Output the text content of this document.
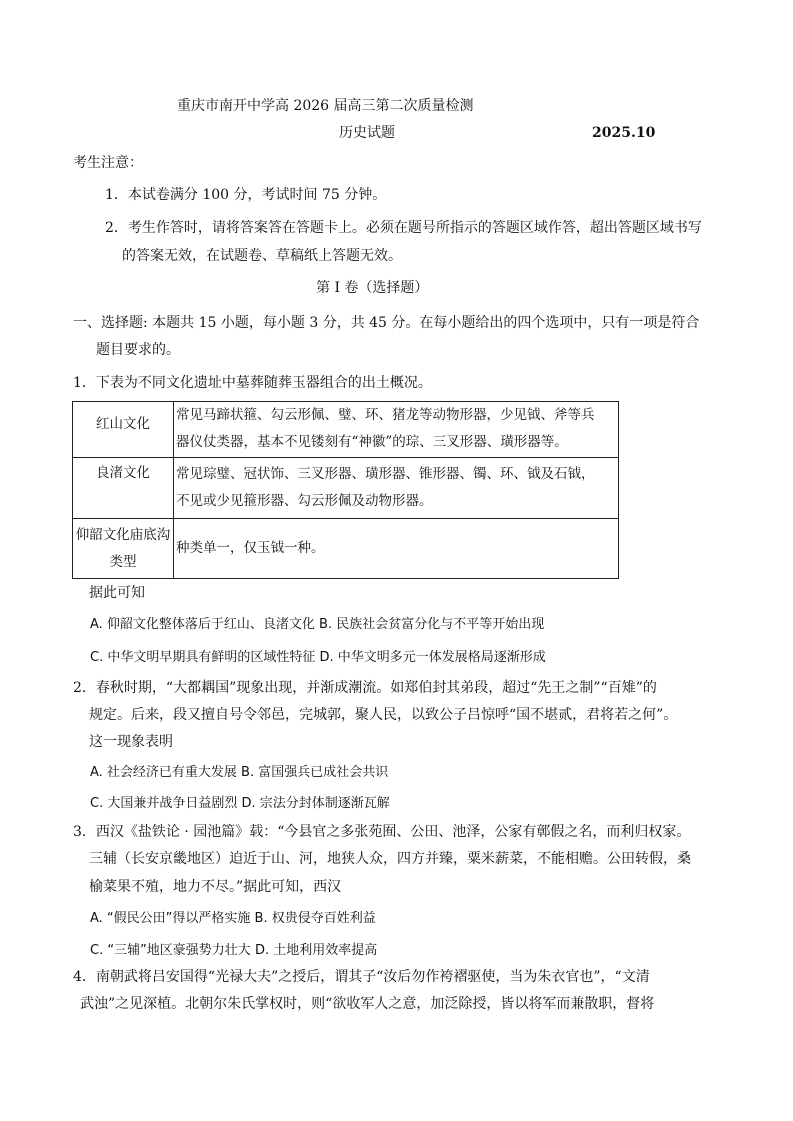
重庆市南开中学高 2026 届高三第二次质量检测
历史试题	2025.10
考生注意：
1．本试卷满分 100 分，考试时间 75 分钟。
2．考生作答时，请将答案答在答题卡上。必须在题号所指示的答题区域作答，超出答题区域书写
的答案无效，在试题卷、草稿纸上答题无效。
第 I 卷（选择题）
一、选择题: 本题共 15 小题，每小题 3 分，共 45 分。在每小题给出的四个选项中，只有一项是符合
题目要求的。
1．下表为不同文化遗址中墓葬随葬玉器组合的出土概况。
红山文化	常见马蹄状箍、勾云形佩、璧、环、猪龙等动物形器，少见钺、斧等兵
器仪仗类器，基本不见镂刻有“神徽”的琮、三叉形器、璜形器等。

良渚文化	常见琮璧、冠状饰、三叉形器、璜形器、锥形器、镯、环、钺及石钺，
不见或少见箍形器、勾云形佩及动物形器。

仰韶文化庙底沟
类型	种类单一，仅玉钺一种。
据此可知
A. 仰韶文化整体落后于红山、良渚文化 B. 民族社会贫富分化与不平等开始出现
C. 中华文明早期具有鲜明的区域性特征 D. 中华文明多元一体发展格局逐渐形成
2．春秋时期，“大都耦国”现象出现，并渐成潮流。如郑伯封其弟段，超过“先王之制”“百雉”的
规定。后来，段又擅自号令邻邑，完城郭，聚人民，以致公子吕惊呼“国不堪贰，君将若之何”。
这一现象表明
A. 社会经济已有重大发展 B. 富国强兵已成社会共识
C. 大国兼并战争日益剧烈 D. 宗法分封体制逐渐瓦解
3．西汉《盐铁论 · 园池篇》载：“今县官之多张苑囿、公田、池泽，公家有鄣假之名，而利归权家。
三辅（长安京畿地区）迫近于山、河，地狭人众，四方并臻，粟米薪菜，不能相赡。公田转假，桑
榆菜果不殖，地力不尽。”据此可知，西汉
A. “假民公田”得以严格实施 B. 权贵侵夺百姓利益
C. “三辅”地区豪强势力壮大 D. 土地利用效率提高
4．南朝武将吕安国得“光禄大夫”之授后，谓其子“汝后勿作袴褶驱使，当为朱衣官也”，“文清
武浊”之见深植。北朝尔朱氏掌权时，则“欲收军人之意，加泛除授，皆以将军而兼散职，督将
